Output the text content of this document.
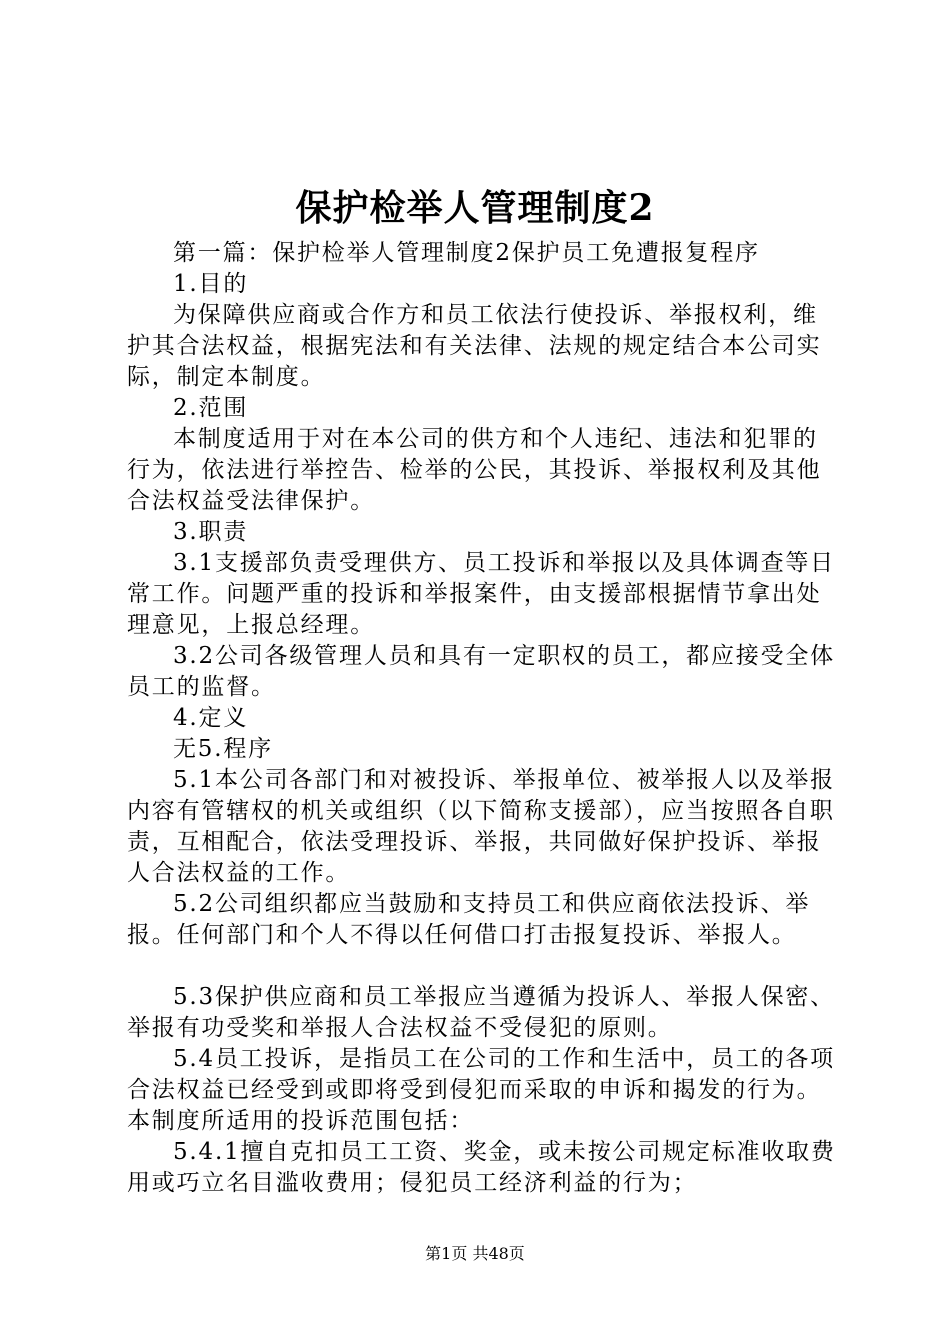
保护检举人管理制度2

第一篇：保护检举人管理制度2保护员工免遭报复程序

1.目的

为保障供应商或合作方和员工依法行使投诉、举报权利，维护其合法权益，根据宪法和有关法律、法规的规定结合本公司实际，制定本制度。

2.范围

本制度适用于对在本公司的供方和个人违纪、违法和犯罪的行为，依法进行举控告、检举的公民，其投诉、举报权利及其他合法权益受法律保护。

3.职责

3.1支援部负责受理供方、员工投诉和举报以及具体调查等日常工作。问题严重的投诉和举报案件，由支援部根据情节拿出处理意见，上报总经理。

3.2公司各级管理人员和具有一定职权的员工，都应接受全体员工的监督。

4.定义

无5.程序

5.1本公司各部门和对被投诉、举报单位、被举报人以及举报内容有管辖权的机关或组织（以下简称支援部），应当按照各自职责，互相配合，依法受理投诉、举报，共同做好保护投诉、举报人合法权益的工作。

5.2公司组织都应当鼓励和支持员工和供应商依法投诉、举报。任何部门和个人不得以任何借口打击报复投诉、举报人。

5.3保护供应商和员工举报应当遵循为投诉人、举报人保密、举报有功受奖和举报人合法权益不受侵犯的原则。

5.4员工投诉，是指员工在公司的工作和生活中，员工的各项合法权益已经受到或即将受到侵犯而采取的申诉和揭发的行为。本制度所适用的投诉范围包括：

5.4.1擅自克扣员工工资、奖金，或未按公司规定标准收取费用或巧立名目滥收费用；侵犯员工经济利益的行为；

第1页 共48页
